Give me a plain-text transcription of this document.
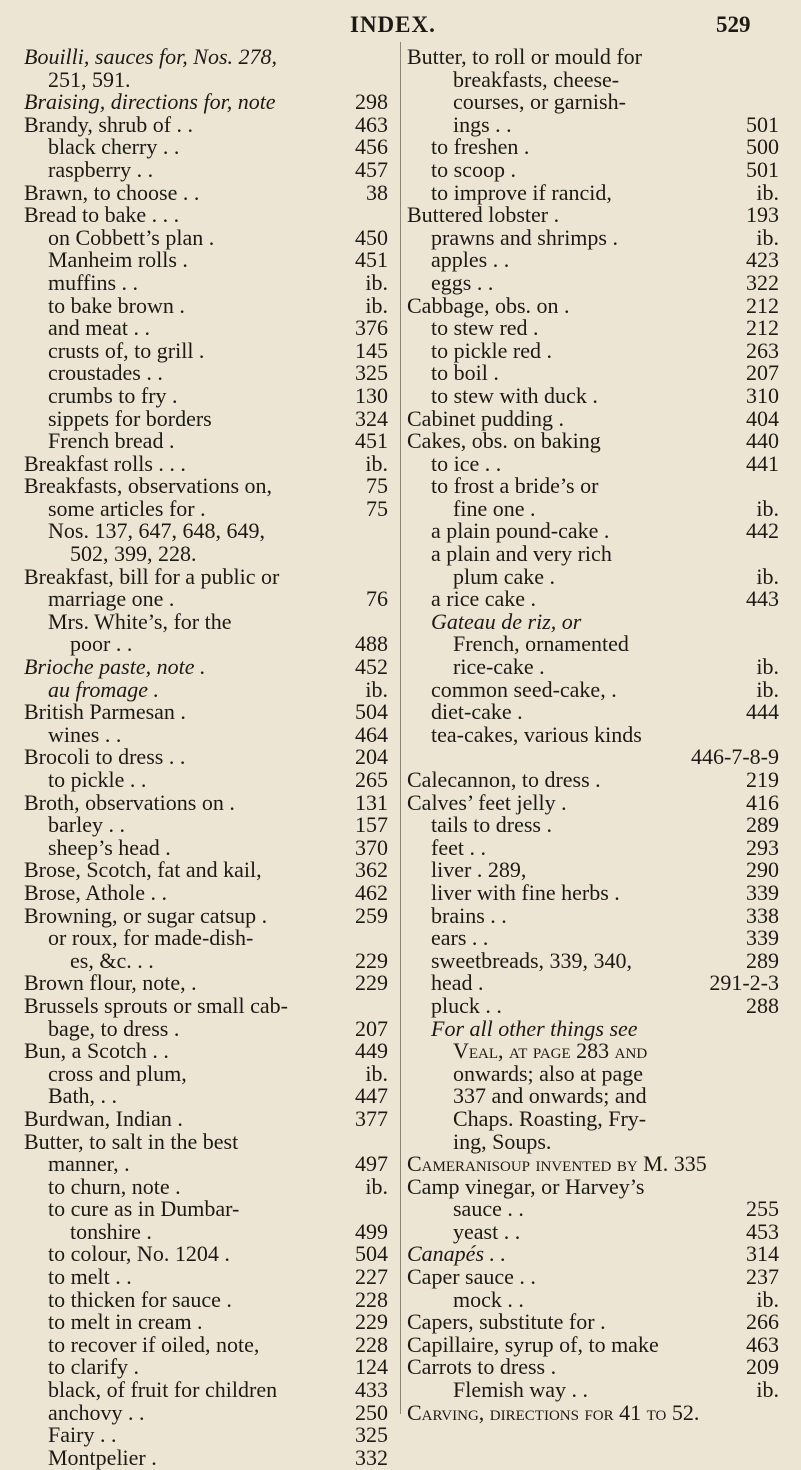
INDEX.	529
Bouilli, sauces for, Nos. 278,
251, 591.
Braising, directions for, note	298
Brandy, shrub of . .	463
black cherry . .	456
raspberry . .	457
Brawn, to choose . .	38
Bread to bake . . .
on Cobbett’s plan .	450
Manheim rolls .	451
muffins . .	ib.
to bake brown .	ib.
and meat . .	376
crusts of, to grill .	145
croustades . .	325
crumbs to fry .	130
sippets for borders	324
French bread .	451
Breakfast rolls . . .	ib.
Breakfasts, observations on,	75
some articles for .	75
Nos. 137, 647, 648, 649,
502, 399, 228.
Breakfast, bill for a public or
marriage one .	76
Mrs. White’s, for the
poor . .	488
Brioche paste, note .	452
au fromage .	ib.
British Parmesan .	504
wines . .	464
Brocoli to dress . .	204
to pickle . .	265
Broth, observations on .	131
barley . .	157
sheep’s head .	370
Brose, Scotch, fat and kail,	362
Brose, Athole . .	462
Browning, or sugar catsup .	259
or roux, for made-dish-
es, &c. . .	229
Brown flour, note, .	229
Brussels sprouts or small cab-
bage, to dress .	207
Bun, a Scotch . .	449
cross and plum,	ib.
Bath, . .	447
Burdwan, Indian .	377
Butter, to salt in the best
manner, .	497
to churn, note .	ib.
to cure as in Dumbar-
tonshire .	499
to colour, No. 1204 .	504
to melt . .	227
to thicken for sauce .	228
to melt in cream .	229
to recover if oiled, note,	228
to clarify .	124
black, of fruit for children	433
anchovy . .	250
Fairy . .	325
Montpelier .	332
Butter, to roll or mould for
breakfasts, cheese-
courses, or garnish-
ings . .	501
to freshen .	500
to scoop .	501
to improve if rancid,	ib.
Buttered lobster .	193
prawns and shrimps .	ib.
apples . .	423
eggs . .	322
Cabbage, obs. on .	212
to stew red .	212
to pickle red .	263
to boil .	207
to stew with duck .	310
Cabinet pudding .	404
Cakes, obs. on baking	440
to ice . .	441
to frost a bride’s or
fine one .	ib.
a plain pound-cake .	442
a plain and very rich
plum cake .	ib.
a rice cake .	443
Gateau de riz, or
French, ornamented
rice-cake .	ib.
common seed-cake, .	ib.
diet-cake .	444
tea-cakes, various kinds
446-7-8-9
Calecannon, to dress .	219
Calves’ feet jelly .	416
tails to dress .	289
feet . .	293
liver . 289,	290
liver with fine herbs .	339
brains . .	338
ears . .	339
sweetbreads, 339, 340,	289
head .	291-2-3
pluck . .	288
For all other things see
Veal, at page 283 and
onwards; also at page
337 and onwards; and
Chaps. Roasting, Fry-
ing, Soups.
Cameranisoup invented by M. 335
Camp vinegar, or Harvey’s
sauce . .	255
yeast . .	453
Canapés . .	314
Caper sauce . .	237
mock . .	ib.
Capers, substitute for .	266
Capillaire, syrup of, to make	463
Carrots to dress .	209
Flemish way . .	ib.
Carving, directions for 41 to 52.
